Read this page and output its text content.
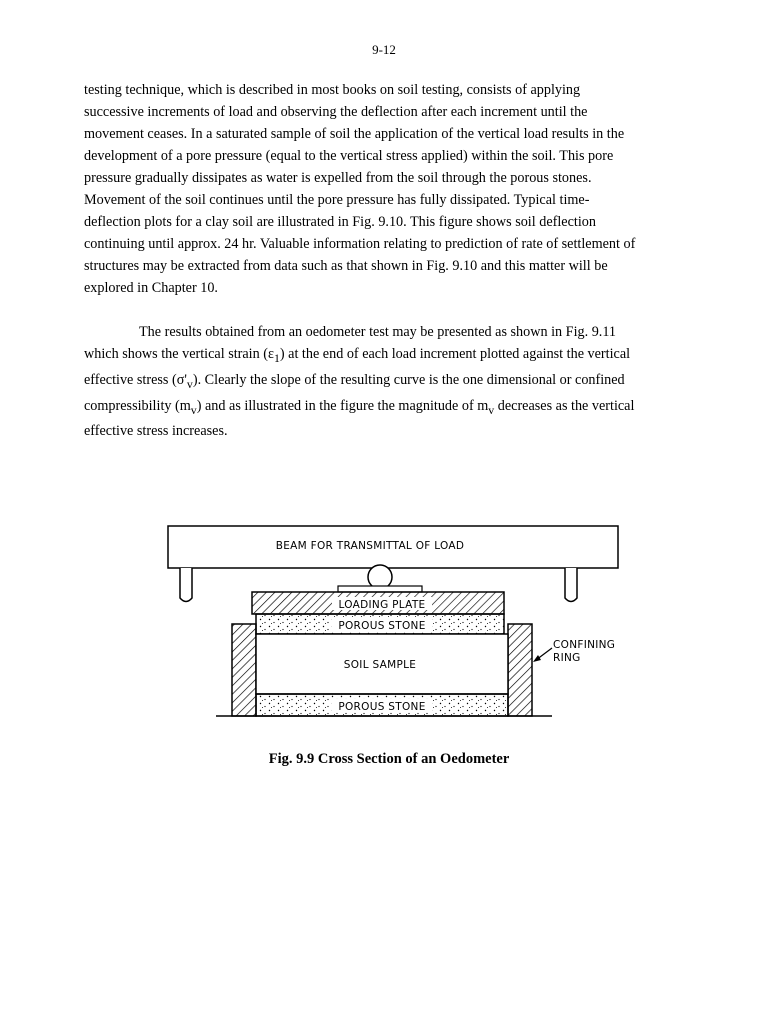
9-12

testing technique, which is described in most books on soil testing, consists of applying
successive increments of load and observing the deflection after each increment until the
movement ceases. In a saturated sample of soil the application of the vertical load results in the
development of a pore pressure (equal to the vertical stress applied) within the soil. This pore
pressure gradually dissipates as water is expelled from the soil through the porous stones.
Movement of the soil continues until the pore pressure has fully dissipated. Typical time-
deflection plots for a clay soil are illustrated in Fig. 9.10. This figure shows soil deflection
continuing until approx. 24 hr. Valuable information relating to prediction of rate of settlement of
structures may be extracted from data such as that shown in Fig. 9.10 and this matter will be
explored in Chapter 10.

The results obtained from an oedometer test may be presented as shown in Fig. 9.11
which shows the vertical strain $(\varepsilon_1)$ at the end of each load increment plotted against the vertical
effective stress $(\sigma'_v)$. Clearly the slope of the resulting curve is the one dimensional or confined
compressibility $(m_v)$ and as illustrated in the figure the magnitude of $m_v$ decreases as the vertical
effective stress increases.

BEAM FOR TRANSMITTAL OF LOAD
LOADING PLATE
POROUS STONE
SOIL SAMPLE
POROUS STONE
CONFINING
RING
Fig. 9.9 Cross Section of an Oedometer
